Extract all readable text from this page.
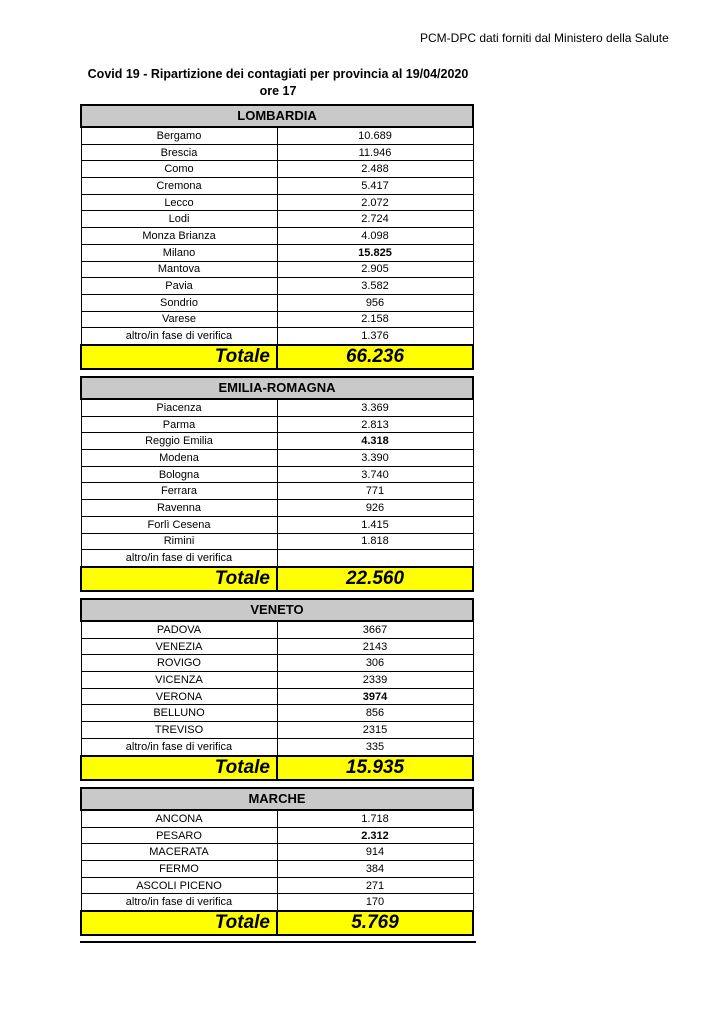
PCM-DPC dati forniti dal Ministero della Salute
Covid 19 - Ripartizione dei contagiati per provincia al 19/04/2020
ore 17
LOMBARDIA	
Bergamo	10.689
Brescia	11.946
Como	2.488
Cremona	5.417
Lecco	2.072
Lodi	2.724
Monza Brianza	4.098
Milano	15.825
Mantova	2.905
Pavia	3.582
Sondrio	956
Varese	2.158
altro/in fase di verifica	1.376
Totale	66.236
EMILIA-ROMAGNA	
Piacenza	3.369
Parma	2.813
Reggio Emilia	4.318
Modena	3.390
Bologna	3.740
Ferrara	771
Ravenna	926
Forlì Cesena	1.415
Rimini	1.818
altro/in fase di verifica	
Totale	22.560
VENETO	
PADOVA	3667
VENEZIA	2143
ROVIGO	306
VICENZA	2339
VERONA	3974
BELLUNO	856
TREVISO	2315
altro/in fase di verifica	335
Totale	15.935
MARCHE	
ANCONA	1.718
PESARO	2.312
MACERATA	914
FERMO	384
ASCOLI PICENO	271
altro/in fase di verifica	170
Totale	5.769
